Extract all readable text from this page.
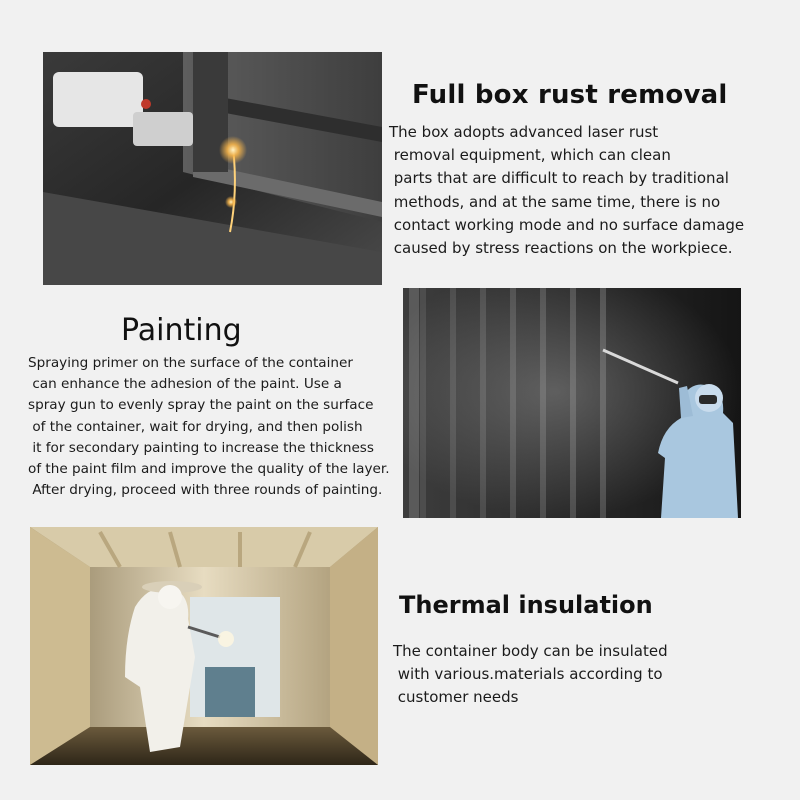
Full box rust removal

The box adopts advanced laser rust
removal equipment, which can clean
parts that are difficult to reach by traditional
methods, and at the same time, there is no
contact working mode and no surface damage
caused by stress reactions on the workpiece.

Painting

Spraying primer on the surface of the container
can enhance the adhesion of the paint. Use a
spray gun to evenly spray the paint on the surface
of the container, wait for drying, and then polish
it for secondary painting to increase the thickness
of the paint film and improve the quality of the layer.
After drying, proceed with three rounds of painting.

Thermal insulation

The container body can be insulated
with various.materials according to
customer needs
